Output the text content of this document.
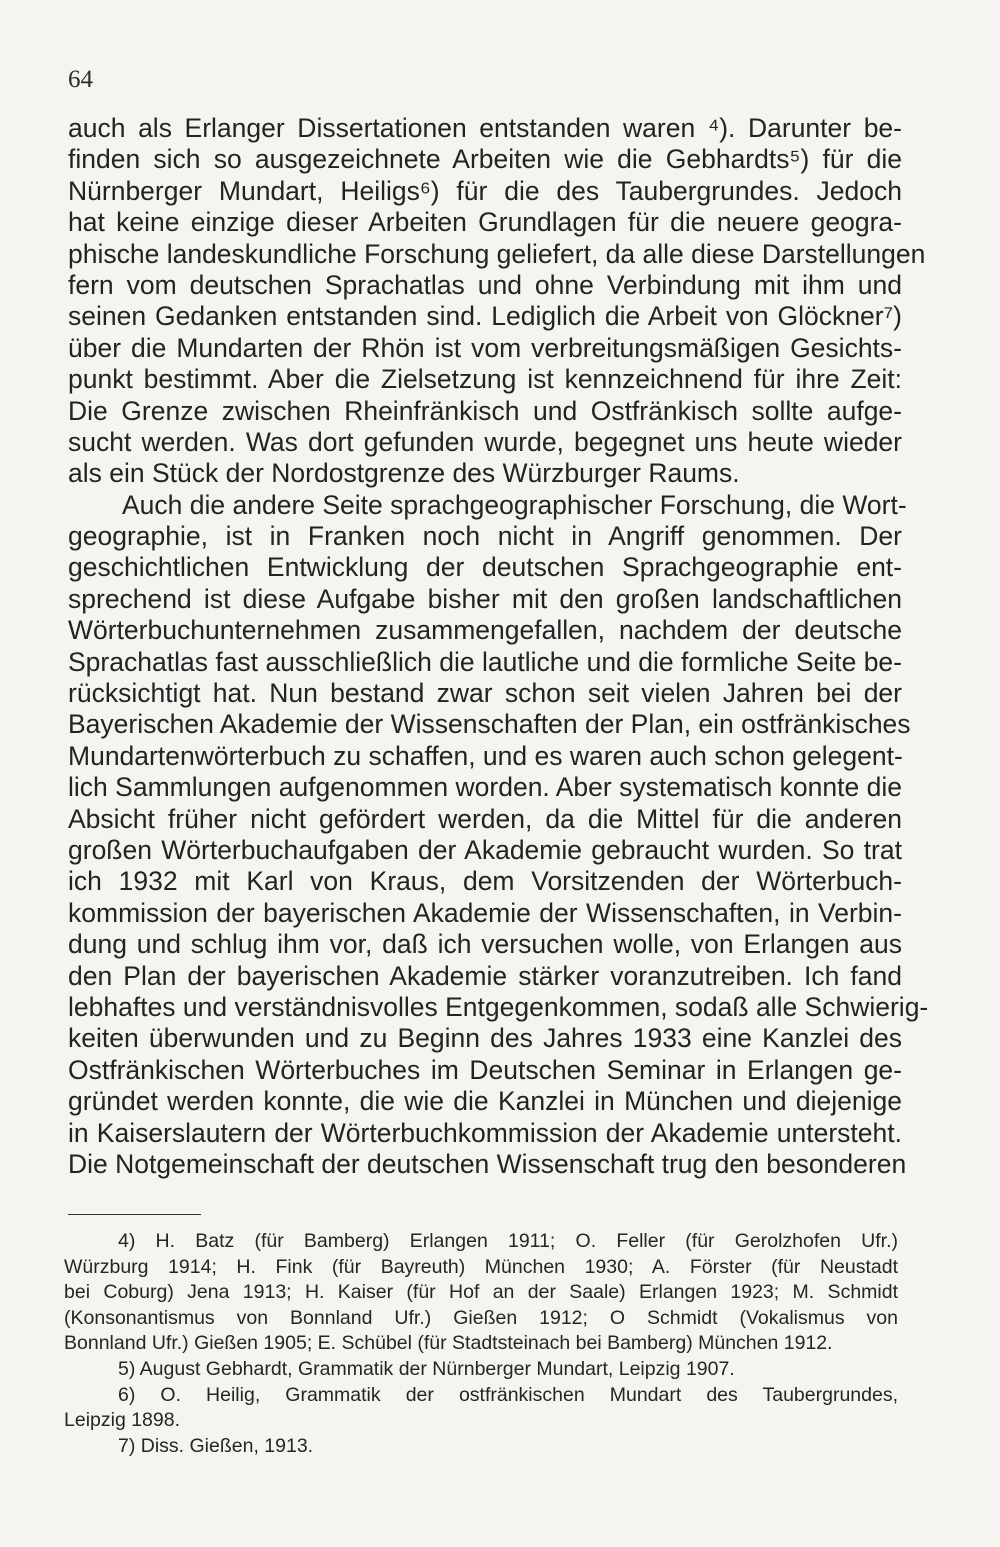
64
auch als Erlanger Dissertationen entstanden waren ⁴). Darunter be-
finden sich so ausgezeichnete Arbeiten wie die Gebhardts⁵) für die
Nürnberger Mundart, Heiligs⁶) für die des Taubergrundes. Jedoch
hat keine einzige dieser Arbeiten Grundlagen für die neuere geogra-
phische landeskundliche Forschung geliefert, da alle diese Darstellungen
fern vom deutschen Sprachatlas und ohne Verbindung mit ihm und
seinen Gedanken entstanden sind. Lediglich die Arbeit von Glöckner⁷)
über die Mundarten der Rhön ist vom verbreitungsmäßigen Gesichts-
punkt bestimmt. Aber die Zielsetzung ist kennzeichnend für ihre Zeit:
Die Grenze zwischen Rheinfränkisch und Ostfränkisch sollte aufge-
sucht werden. Was dort gefunden wurde, begegnet uns heute wieder
als ein Stück der Nordostgrenze des Würzburger Raums.
Auch die andere Seite sprachgeographischer Forschung, die Wort-
geographie, ist in Franken noch nicht in Angriff genommen. Der
geschichtlichen Entwicklung der deutschen Sprachgeographie ent-
sprechend ist diese Aufgabe bisher mit den großen landschaftlichen
Wörterbuchunternehmen zusammengefallen, nachdem der deutsche
Sprachatlas fast ausschließlich die lautliche und die formliche Seite be-
rücksichtigt hat. Nun bestand zwar schon seit vielen Jahren bei der
Bayerischen Akademie der Wissenschaften der Plan, ein ostfränkisches
Mundartenwörterbuch zu schaffen, und es waren auch schon gelegent-
lich Sammlungen aufgenommen worden. Aber systematisch konnte die
Absicht früher nicht gefördert werden, da die Mittel für die anderen
großen Wörterbuchaufgaben der Akademie gebraucht wurden. So trat
ich 1932 mit Karl von Kraus, dem Vorsitzenden der Wörterbuch-
kommission der bayerischen Akademie der Wissenschaften, in Verbin-
dung und schlug ihm vor, daß ich versuchen wolle, von Erlangen aus
den Plan der bayerischen Akademie stärker voranzutreiben. Ich fand
lebhaftes und verständnisvolles Entgegenkommen, sodaß alle Schwierig-
keiten überwunden und zu Beginn des Jahres 1933 eine Kanzlei des
Ostfränkischen Wörterbuches im Deutschen Seminar in Erlangen ge-
gründet werden konnte, die wie die Kanzlei in München und diejenige
in Kaiserslautern der Wörterbuchkommission der Akademie untersteht.
Die Notgemeinschaft der deutschen Wissenschaft trug den besonderen
4) H. Batz (für Bamberg) Erlangen 1911; O. Feller (für Gerolzhofen Ufr.)
Würzburg 1914; H. Fink (für Bayreuth) München 1930; A. Förster (für Neustadt
bei Coburg) Jena 1913; H. Kaiser (für Hof an der Saale) Erlangen 1923; M. Schmidt
(Konsonantismus von Bonnland Ufr.) Gießen 1912; O Schmidt (Vokalismus von
Bonnland Ufr.) Gießen 1905; E. Schübel (für Stadtsteinach bei Bamberg) München 1912.
5) August Gebhardt, Grammatik der Nürnberger Mundart, Leipzig 1907.
6) O. Heilig, Grammatik der ostfränkischen Mundart des Taubergrundes,
Leipzig 1898.
7) Diss. Gießen, 1913.
